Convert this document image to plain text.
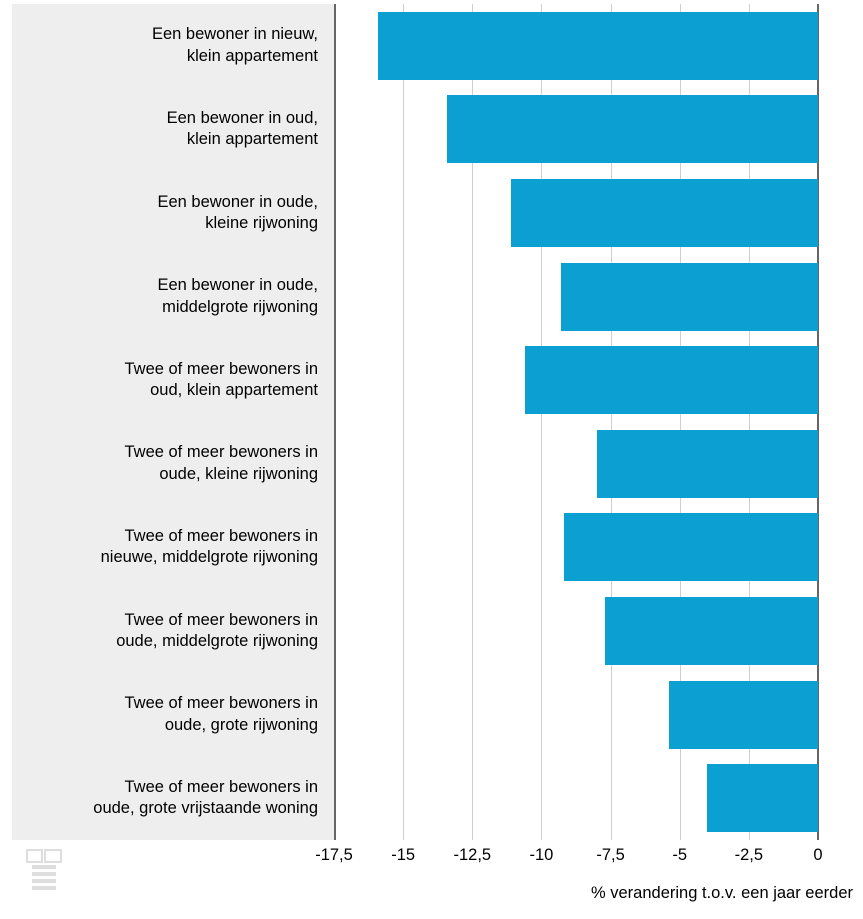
Een bewoner in nieuw,
klein appartement
Een bewoner in oud,
klein appartement
Een bewoner in oude,
kleine rijwoning
Een bewoner in oude,
middelgrote rijwoning
Twee of meer bewoners in
oud, klein appartement
Twee of meer bewoners in
oude, kleine rijwoning
Twee of meer bewoners in
nieuwe, middelgrote rijwoning
Twee of meer bewoners in
oude, middelgrote rijwoning
Twee of meer bewoners in
oude, grote rijwoning
Twee of meer bewoners in
oude, grote vrijstaande woning
-17,5 -15 -12,5 -10	-7,5	-5	-2,5	0
% verandering t.o.v. een jaar eerder
